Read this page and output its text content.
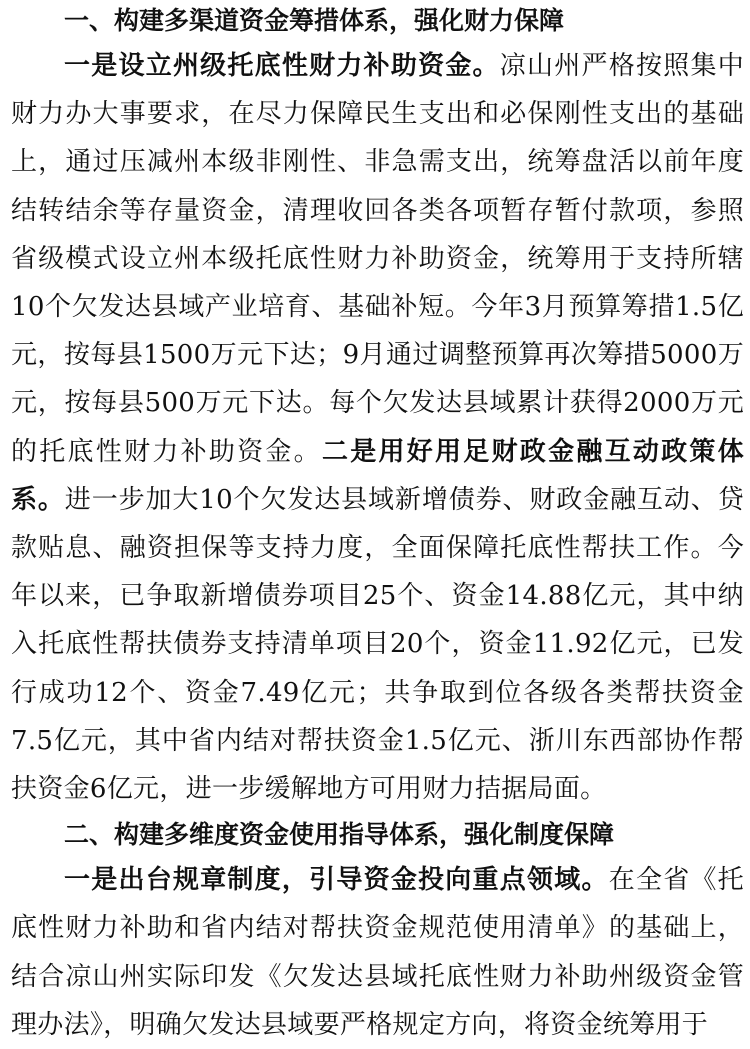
一、构建多渠道资金筹措体系，强化财力保障

一是设立州级托底性财力补助资金。凉山州严格按照集中财力办大事要求，在尽力保障民生支出和必保刚性支出的基础上，通过压减州本级非刚性、非急需支出，统筹盘活以前年度结转结余等存量资金，清理收回各类各项暂存暂付款项，参照省级模式设立州本级托底性财力补助资金，统筹用于支持所辖10个欠发达县域产业培育、基础补短。今年3月预算筹措1.5亿元，按每县1500万元下达；9月通过调整预算再次筹措5000万元，按每县500万元下达。每个欠发达县域累计获得2000万元的托底性财力补助资金。二是用好用足财政金融互动政策体系。进一步加大10个欠发达县域新增债券、财政金融互动、贷款贴息、融资担保等支持力度，全面保障托底性帮扶工作。今年以来，已争取新增债券项目25个、资金14.88亿元，其中纳入托底性帮扶债券支持清单项目20个，资金11.92亿元，已发行成功12个、资金7.49亿元；共争取到位各级各类帮扶资金7.5亿元，其中省内结对帮扶资金1.5亿元、浙川东西部协作帮扶资金6亿元，进一步缓解地方可用财力拮据局面。

二、构建多维度资金使用指导体系，强化制度保障

一是出台规章制度，引导资金投向重点领域。在全省《托底性财力补助和省内结对帮扶资金规范使用清单》的基础上，结合凉山州实际印发《欠发达县域托底性财力补助州级资金管理办法》，明确欠发达县域要严格规定方向，将资金统筹用于
